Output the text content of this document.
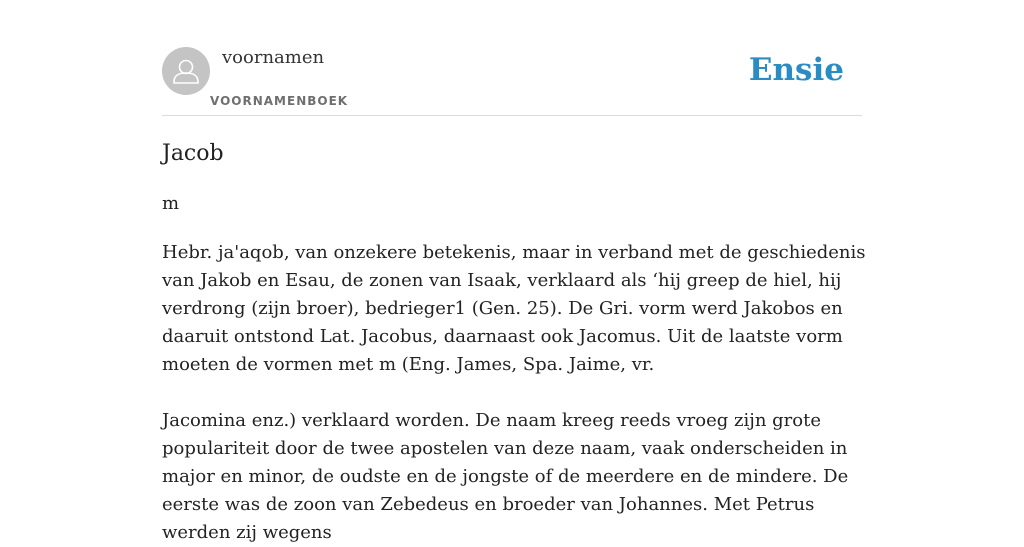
voornamen
VOORNAMENBOEK
Ensie
Jacob

m

Hebr. ja'aqob, van onzekere betekenis, maar in verband met de geschiedenis van Jakob en Esau, de zonen van Isaak, verklaard als ‘hij greep de hiel, hij verdrong (zijn broer), bedrieger1 (Gen. 25). De Gri. vorm werd Jakobos en daaruit ontstond Lat. Jacobus, daarnaast ook Jacomus. Uit de laatste vorm moeten de vormen met m (Eng. James, Spa. Jaime, vr.

Jacomina enz.) verklaard worden. De naam kreeg reeds vroeg zijn grote populariteit door de twee apostelen van deze naam, vaak onderscheiden in major en minor, de oudste en de jongste of de meerdere en de mindere. De eerste was de zoon van Zebedeus en broeder van Johannes. Met Petrus werden zij wegens
